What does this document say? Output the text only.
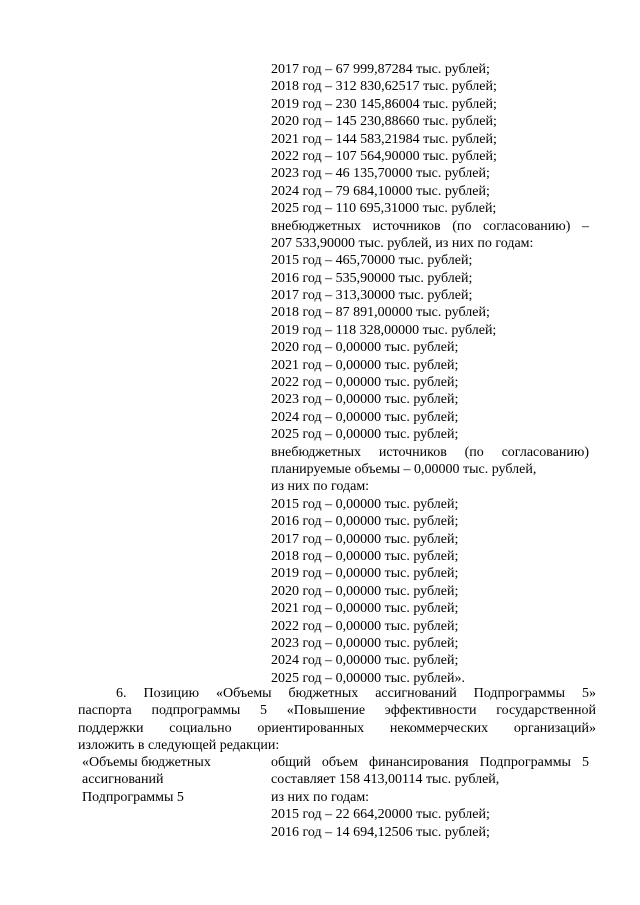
2017 год – 67 999,87284 тыс. рублей;
2018 год – 312 830,62517 тыс. рублей;
2019 год – 230 145,86004 тыс. рублей;
2020 год – 145 230,88660 тыс. рублей;
2021 год – 144 583,21984 тыс. рублей;
2022 год – 107 564,90000 тыс. рублей;
2023 год – 46 135,70000 тыс. рублей;
2024 год – 79 684,10000 тыс. рублей;
2025 год – 110 695,31000 тыс. рублей;
внебюджетных источников (по согласованию) –
207 533,90000 тыс. рублей, из них по годам:
2015 год – 465,70000 тыс. рублей;
2016 год – 535,90000 тыс. рублей;
2017 год – 313,30000 тыс. рублей;
2018 год – 87 891,00000 тыс. рублей;
2019 год – 118 328,00000 тыс. рублей;
2020 год – 0,00000 тыс. рублей;
2021 год – 0,00000 тыс. рублей;
2022 год – 0,00000 тыс. рублей;
2023 год – 0,00000 тыс. рублей;
2024 год – 0,00000 тыс. рублей;
2025 год – 0,00000 тыс. рублей;
внебюджетных источников (по согласованию)
планируемые объемы – 0,00000 тыс. рублей,
из них по годам:
2015 год – 0,00000 тыс. рублей;
2016 год – 0,00000 тыс. рублей;
2017 год – 0,00000 тыс. рублей;
2018 год – 0,00000 тыс. рублей;
2019 год – 0,00000 тыс. рублей;
2020 год – 0,00000 тыс. рублей;
2021 год – 0,00000 тыс. рублей;
2022 год – 0,00000 тыс. рублей;
2023 год – 0,00000 тыс. рублей;
2024 год – 0,00000 тыс. рублей;
2025 год – 0,00000 тыс. рублей».
6. Позицию «Объемы бюджетных ассигнований Подпрограммы 5»
паспорта подпрограммы 5 «Повышение эффективности государственной
поддержки социально ориентированных некоммерческих организаций»
изложить в следующей редакции:
«Объемы бюджетных
ассигнований
Подпрограммы 5
общий объем финансирования Подпрограммы 5
составляет 158 413,00114 тыс. рублей,
из них по годам:
2015 год – 22 664,20000 тыс. рублей;
2016 год – 14 694,12506 тыс. рублей;
